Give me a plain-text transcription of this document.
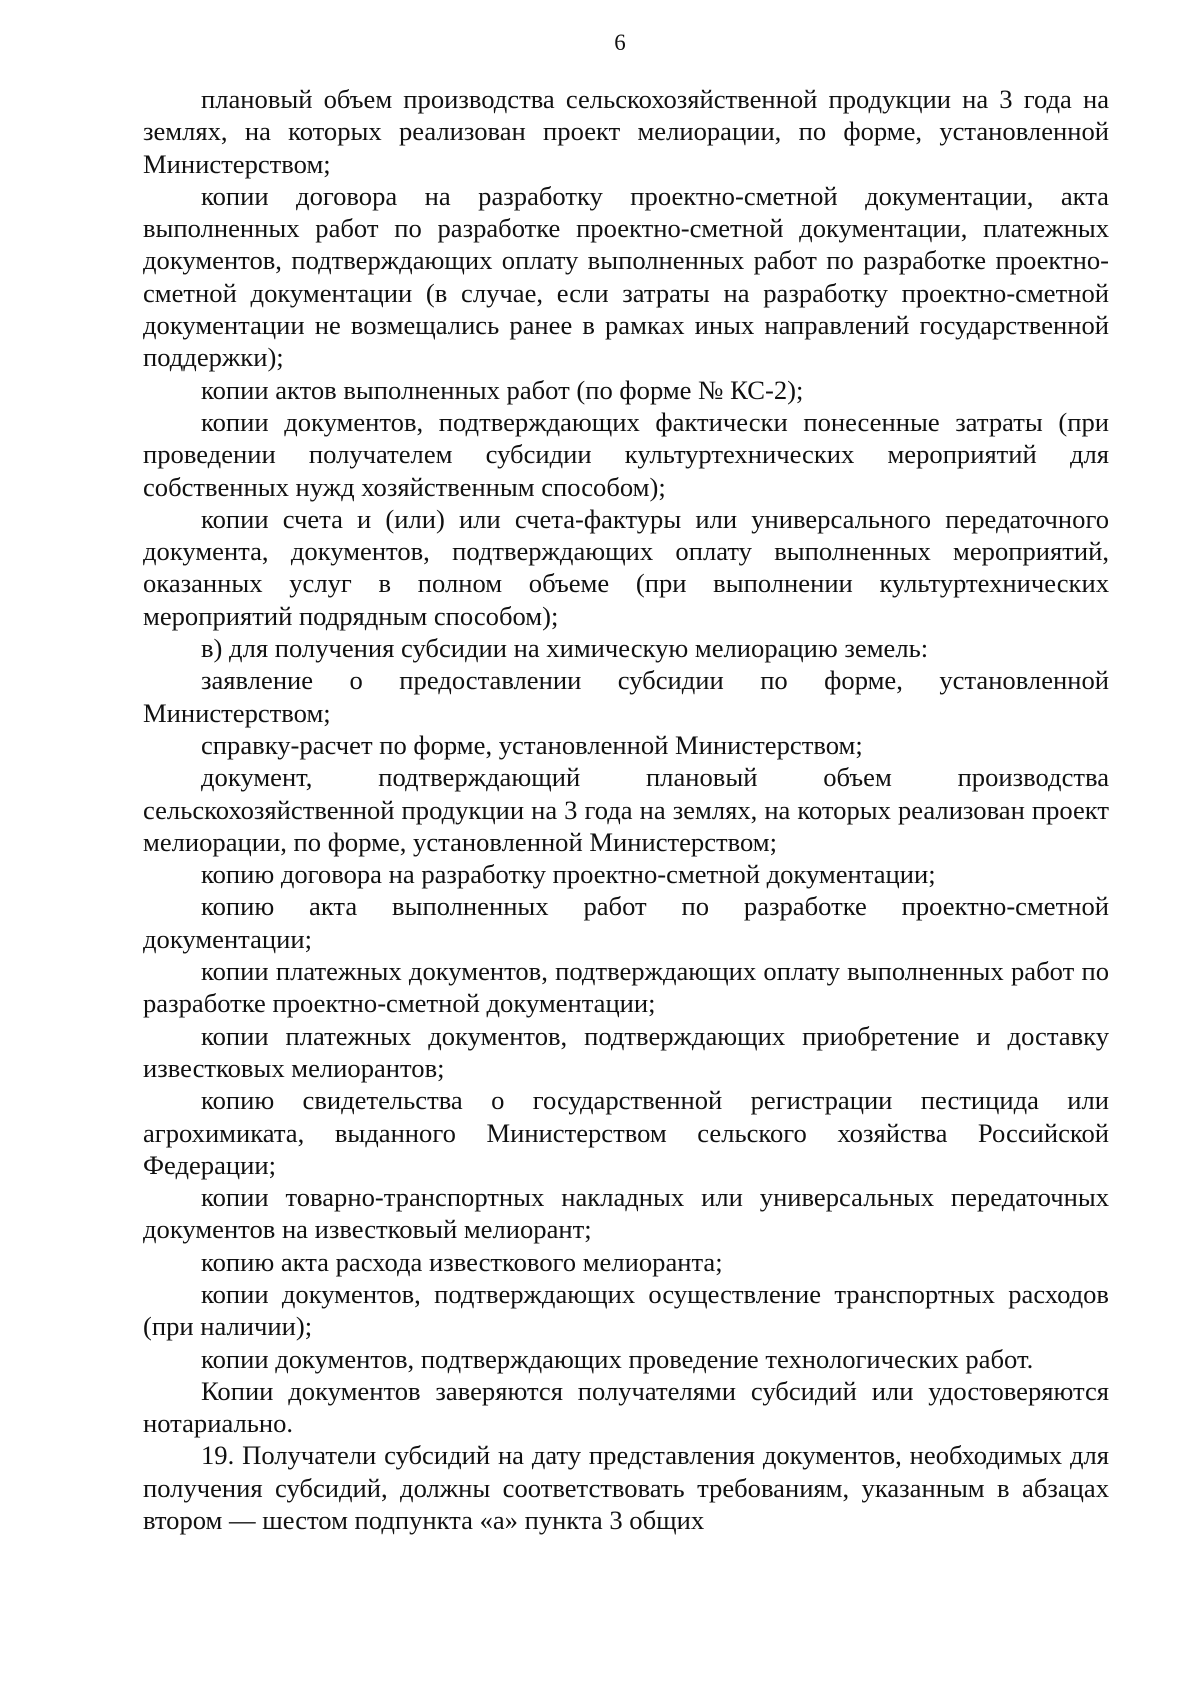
6

плановый объем производства сельскохозяйственной продукции на 3 года на землях, на которых реализован проект мелиорации, по форме, установленной Министерством;

копии договора на разработку проектно-сметной документации, акта выполненных работ по разработке проектно-сметной документации, платежных документов, подтверждающих оплату выполненных работ по разработке проектно-сметной документации (в случае, если затраты на разработку проектно-сметной документации не возмещались ранее в рамках иных направлений государственной поддержки);

копии актов выполненных работ (по форме № КС-2);

копии документов, подтверждающих фактически понесенные затраты (при проведении получателем субсидии культуртехнических мероприятий для собственных нужд хозяйственным способом);

копии счета и (или) или счета-фактуры или универсального передаточного документа, документов, подтверждающих оплату выполненных мероприятий, оказанных услуг в полном объеме (при выполнении культуртехнических мероприятий подрядным способом);

в) для получения субсидии на химическую мелиорацию земель:

заявление о предоставлении субсидии по форме, установленной Министерством;

справку-расчет по форме, установленной Министерством;

документ, подтверждающий плановый объем производства сельскохозяйственной продукции на 3 года на землях, на которых реализован проект мелиорации, по форме, установленной Министерством;

копию договора на разработку проектно-сметной документации;

копию акта выполненных работ по разработке проектно-сметной документации;

копии платежных документов, подтверждающих оплату выполненных работ по разработке проектно-сметной документации;

копии платежных документов, подтверждающих приобретение и доставку известковых мелиорантов;

копию свидетельства о государственной регистрации пестицида или агрохимиката, выданного Министерством сельского хозяйства Российской Федерации;

копии товарно-транспортных накладных или универсальных передаточных документов на известковый мелиорант;

копию акта расхода известкового мелиоранта;

копии документов, подтверждающих осуществление транспортных расходов (при наличии);

копии документов, подтверждающих проведение технологических работ.

Копии документов заверяются получателями субсидий или удостоверяются нотариально.

19. Получатели субсидий на дату представления документов, необходимых для получения субсидий, должны соответствовать требованиям, указанным в абзацах втором — шестом подпункта «а» пункта 3 общих
